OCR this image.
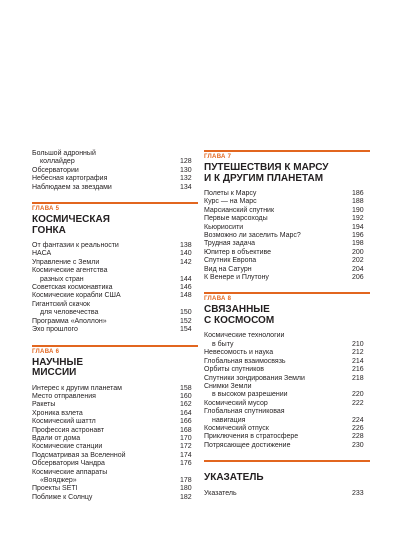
Большой адронный
коллайдер	128
Обсерватории	130
Небесная картография	132
Наблюдаем за звездами	134
ГЛАВА 5
КОСМИЧЕСКАЯ
ГОНКА
От фантазии к реальности	138
НАСА	140
Управление с Земли	142
Космические агентства
разных стран	144
Советская космонавтика	146
Космические корабли США	148
Гигантский скачок
для человечества	150
Программа «Аполлон»	152
Эхо прошлого	154
ГЛАВА 6
НАУЧНЫЕ
МИССИИ
Интерес к другим планетам	158
Место отправления	160
Ракеты	162
Хроника взлета	164
Космический шаттл	166
Профессия астронавт	168
Вдали от дома	170
Космические станции	172
Подсматривая за Вселенной	174
Обсерватория Чандра	176
Космические аппараты
«Вояджер»	178
Проекты SETI	180
Поближе к Солнцу	182
ГЛАВА 7
ПУТЕШЕСТВИЯ К МАРСУ
И К ДРУГИМ ПЛАНЕТАМ
Полеты к Марсу	186
Курс — на Марс	188
Марсианский спутник	190
Первые марсоходы	192
Кьюриосити	194
Возможно ли заселить Марс?	196
Трудная задача	198
Юпитер в объективе	200
Спутник Европа	202
Вид на Сатурн	204
К Венере и Плутону	206
ГЛАВА 8
СВЯЗАННЫЕ
С КОСМОСОМ
Космические технологии
в быту	210
Невесомость и наука	212
Глобальная взаимосвязь	214
Орбиты спутников	216
Спутники зондирования Земли	218
Снимки Земли
в высоком разрешении	220
Космический мусор	222
Глобальная спутниковая
навигация	224
Космический отпуск	226
Приключения в стратосфере	228
Потрясающее достижение	230
УКАЗАТЕЛЬ
Указатель	233
